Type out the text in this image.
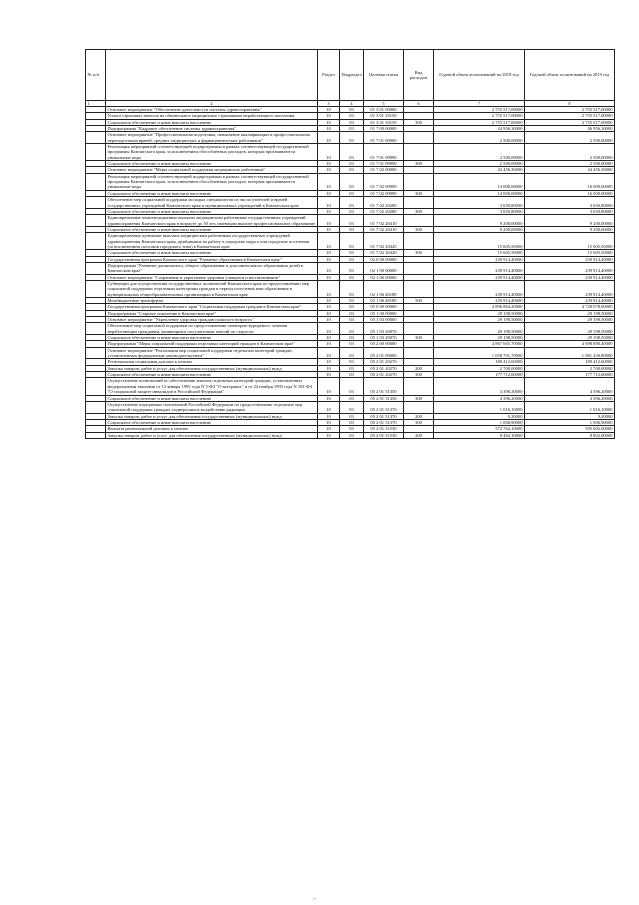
№ п/п		Раздел	Подраздел	Целевая статья	Вид расходов	Годовой объем ассигнований на 2018 год	Годовой объем ассигнований на 2019 год
1	2	3	4	5	6	7	8
	Основное мероприятие "Обеспечение деятельности системы здравоохранения"	10	03	01 3 01 00000		2 755 517,00000	2 755 517,00000
	Уплата страховых взносов на обязательное медицинское страхование неработающего населения	10	03	01 3 01 10150		2 755 517,00000	2 755 517,00000
	Социальное обеспечение и иные выплаты населению	10	03	01 3 01 10150	300	2 755 517,00000	2 755 517,00000
	Подпрограмма "Кадровое обеспечение системы здравоохранения"	10	03	01 7 00 00000		44 956,30000	46 956,30000
	Основное мероприятие "Профессиональная подготовка, повышение квалификации и профессиональная переподготовка врачей, средних медицинских и фармацевтических работников"	10	03	01 7 01 00000		2 500,00000	2 500,00000
	Реализация мероприятий соответствующей подпрограммы в рамках соответствующей государственной программы Камчатского края, за исключением обособленных расходов, которым присваиваются уникальные коды	10	03	01 7 01 09990		2 500,00000	2 500,00000
	Социальное обеспечение и иные выплаты населению	10	03	01 7 01 09990	300	2 500,00000	2 500,00000
	Основное мероприятие "Меры социальной поддержки медицинских работников"	10	03	01 7 02 00000		42 456,30000	44 456,30000
	Реализация мероприятий соответствующей подпрограммы в рамках соответствующей государственной программы Камчатского края, за исключением обособленных расходов, которым присваиваются уникальные коды	10	03	01 7 02 09990		14 000,00000	16 000,00000
	Социальное обеспечение и иные выплаты населению	10	03	01 7 02 09990	300	14 000,00000	16 000,00000
	Обеспечение мер социальной поддержки молодых специалистов из числа учителей и врачей государственных учреждений Камчатского края и муниципальных учреждений в Камчатском крае	10	03	01 7 02 20280		3 650,80000	3 650,80000
	Социальное обеспечение и иные выплаты населению	10	03	01 7 02 20280	300	3 650,80000	3 650,80000
	Единовременные компенсационные выплаты медицинским работникам государственных учреждений здравоохранения Камчатского края в возрасте до 50 лет, имеющим высшее профессиональное образование	10	03	01 7 02 20410		9 200,00000	9 200,00000
	Социальное обеспечение и иные выплаты населению	10	03	01 7 02 20410	300	9 200,00000	9 200,00000
	Единовременные денежные выплаты медицинским работникам государственных учреждений здравоохранения Камчатского края, прибывшим на работу в городские округа или городские поселения (за исключением поселков городского типа) в Камчатском крае	10	03	01 7 02 20420		15 605,50000	15 605,50000
	Социальное обеспечение и иные выплаты населению	10	03	01 7 02 20420	300	15 605,50000	15 605,50000
	Государственная программа Камчатского края "Развитие образования в Камчатском крае"	10	03	02 0 00 00000		239 914,40000	239 914,40000
	Подпрограмма "Развитие дошкольного, общего образования и дополнительного образования детей в Камчатском крае"	10	03	02 1 00 00000		239 914,40000	239 914,40000
	Основное мероприятие "Сохранение и укрепление здоровья учащихся и воспитанников"	10	03	02 1 06 00000		239 914,40000	239 914,40000
	Субвенции для осуществления государственных полномочий Камчатского края по предоставлению мер социальной поддержки отдельным категориям граждан в период получения ими образования в муниципальных общеобразовательных организациях в Камчатском крае	10	03	02 1 06 40180		239 914,40000	239 914,40000
	Межбюджетные трансферты	10	03	02 1 06 40180	500	239 914,40000	239 914,40000
	Государственная программа Камчатского края "Социальная поддержка граждан в Камчатском крае"	10	03	05 0 00 00000		4 896 864,20000	4 728 078,90000
	Подпрограмма "Старшее поколение в Камчатском крае"	10	03	05 1 00 00000		29 198,50000	29 198,50000
	Основное мероприятие "Укрепление здоровья граждан пожилого возраста "	10	03	05 1 03 00000		29 198,50000	29 198,50000
	Обеспечение мер социальной поддержки по предоставлению санаторно-курортного лечения неработающим гражданам, являющимся получателями пенсий по старости	10	03	05 1 03 20070		29 198,50000	29 198,50000
	Социальное обеспечение и иные выплаты населению	10	03	05 1 03 20070	300	29 198,50000	29 198,50000
	Подпрограмма "Меры социальной поддержки отдельных категорий граждан в Камчатском крае"	10	03	05 2 00 00000		4 867 665,70000	4 698 880,40000
	Основное мероприятие "Реализация мер социальной поддержки отдельных категорий граждан, установленных федеральным законодательством"	10	03	05 2 01 00000		1 058 701,70000	1 081 430,80000
	Региональная социальная доплата к пенсии	10	03	05 2 01 20270		180 412,60000	180 412,60000
	Закупка товаров, работ и услуг для обеспечения государственных (муниципальных) нужд	10	03	05 2 01 20270	200	2 700,00000	2 700,00000
	Социальное обеспечение и иные выплаты населению	10	03	05 2 01 20270	300	177 712,60000	177 712,60000
	Осуществление полномочий по обеспечению жильем отдельных категорий граждан, установленных федеральными законами от 12 января 1995 года N 5-ФЗ "О ветеранах" и от 24 ноября 1995 года N 181-ФЗ "О социальной защите инвалидов в Российской Федерации"	10	03	05 2 01 51350		4 396,20000	4 396,20000
	Социальное обеспечение и иные выплаты населению	10	03	05 2 01 51350	300	4 396,20000	4 396,20000
	Осуществление переданных полномочий Российской Федерации по предоставлению отдельных мер социальной поддержки граждан, подвергшихся воздействию радиации	10	03	05 2 01 51370		1 016,10000	1 016,10000
	Закупка товаров, работ и услуг для обеспечения государственных (муниципальных) нужд	10	03	05 2 01 51370	200	9,20000	9,20000
	Социальное обеспечение и иные выплаты населению	10	03	05 2 01 51370	300	1 006,90000	1 006,90000
	Выплата региональной доплаты к пенсии	10	03	05 2 01 51530		572 762,10000	595 602,00000
	Закупка товаров, работ и услуг для обеспечения государственных (муниципальных) нужд	10	03	05 2 01 51530	200	8 462,10000	8 802,00000
~
